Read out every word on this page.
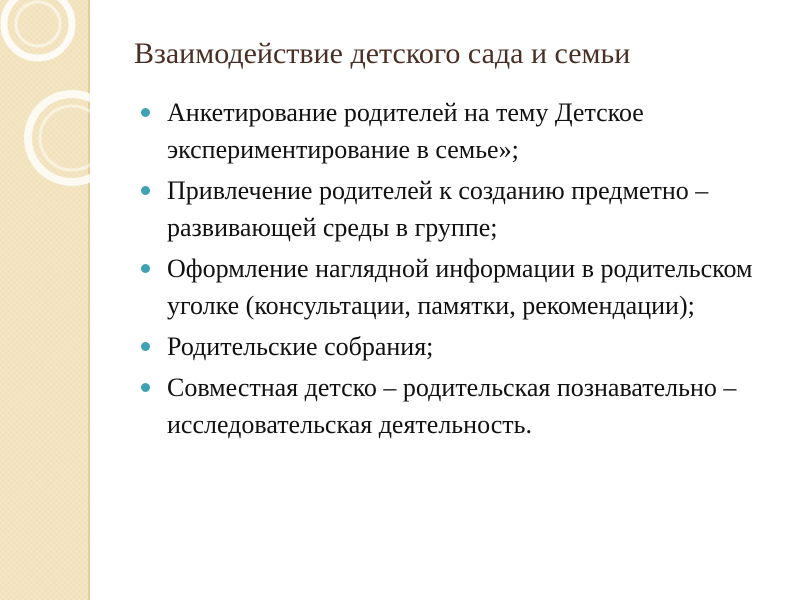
Взаимодействие детского сада и семьи
Анкетирование родителей на тему Детское экспериментирование в семье»;
Привлечение родителей к созданию предметно – развивающей среды в группе;
Оформление наглядной информации в родительском уголке (консультации, памятки, рекомендации);
Родительские собрания;
Совместная детско – родительская познавательно – исследовательская деятельность.
